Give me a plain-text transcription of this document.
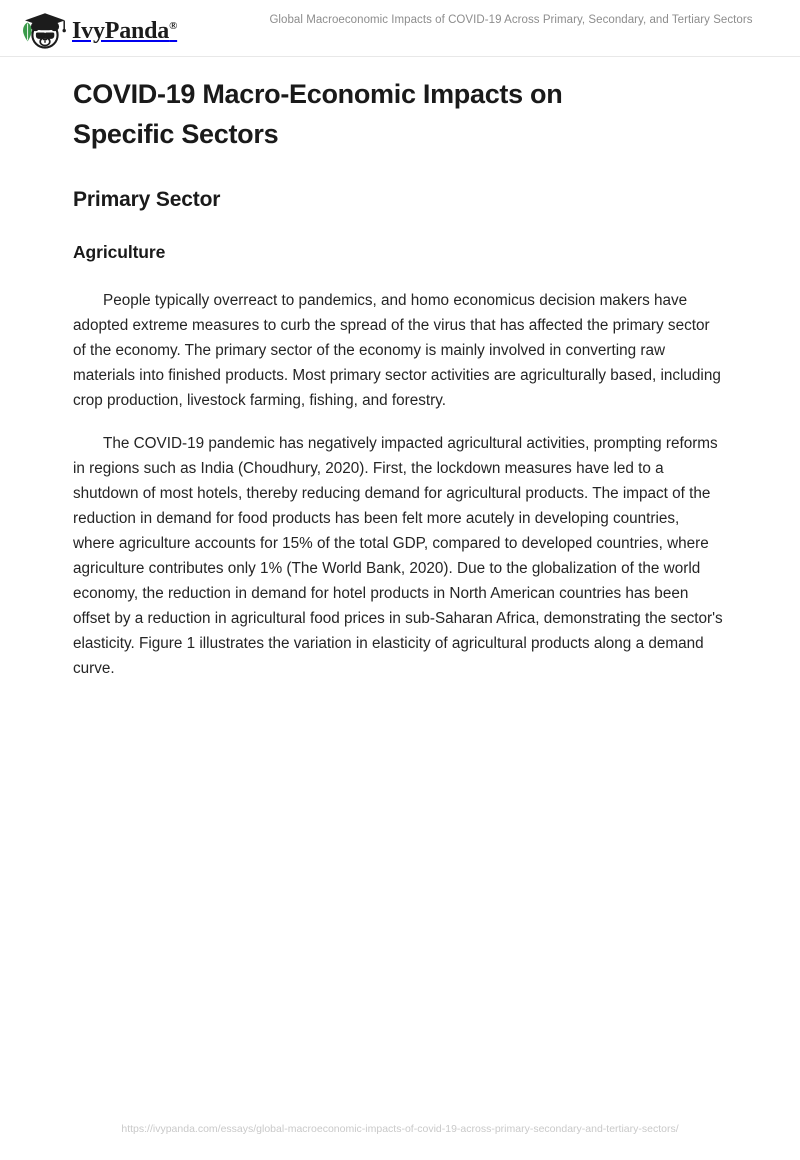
IvyPanda®	Global Macroeconomic Impacts of COVID-19 Across Primary, Secondary, and Tertiary Sectors
COVID-19 Macro-Economic Impacts on Specific Sectors
Primary Sector
Agriculture

People typically overreact to pandemics, and homo economicus decision makers have adopted extreme measures to curb the spread of the virus that has affected the primary sector of the economy. The primary sector of the economy is mainly involved in converting raw materials into finished products. Most primary sector activities are agriculturally based, including crop production, livestock farming, fishing, and forestry.

The COVID-19 pandemic has negatively impacted agricultural activities, prompting reforms in regions such as India (Choudhury, 2020). First, the lockdown measures have led to a shutdown of most hotels, thereby reducing demand for agricultural products. The impact of the reduction in demand for food products has been felt more acutely in developing countries, where agriculture accounts for 15% of the total GDP, compared to developed countries, where agriculture contributes only 1% (The World Bank, 2020). Due to the globalization of the world economy, the reduction in demand for hotel products in North American countries has been offset by a reduction in agricultural food prices in sub-Saharan Africa, demonstrating the sector's elasticity. Figure 1 illustrates the variation in elasticity of agricultural products along a demand curve.

https://ivypanda.com/essays/global-macroeconomic-impacts-of-covid-19-across-primary-secondary-and-tertiary-sectors/
